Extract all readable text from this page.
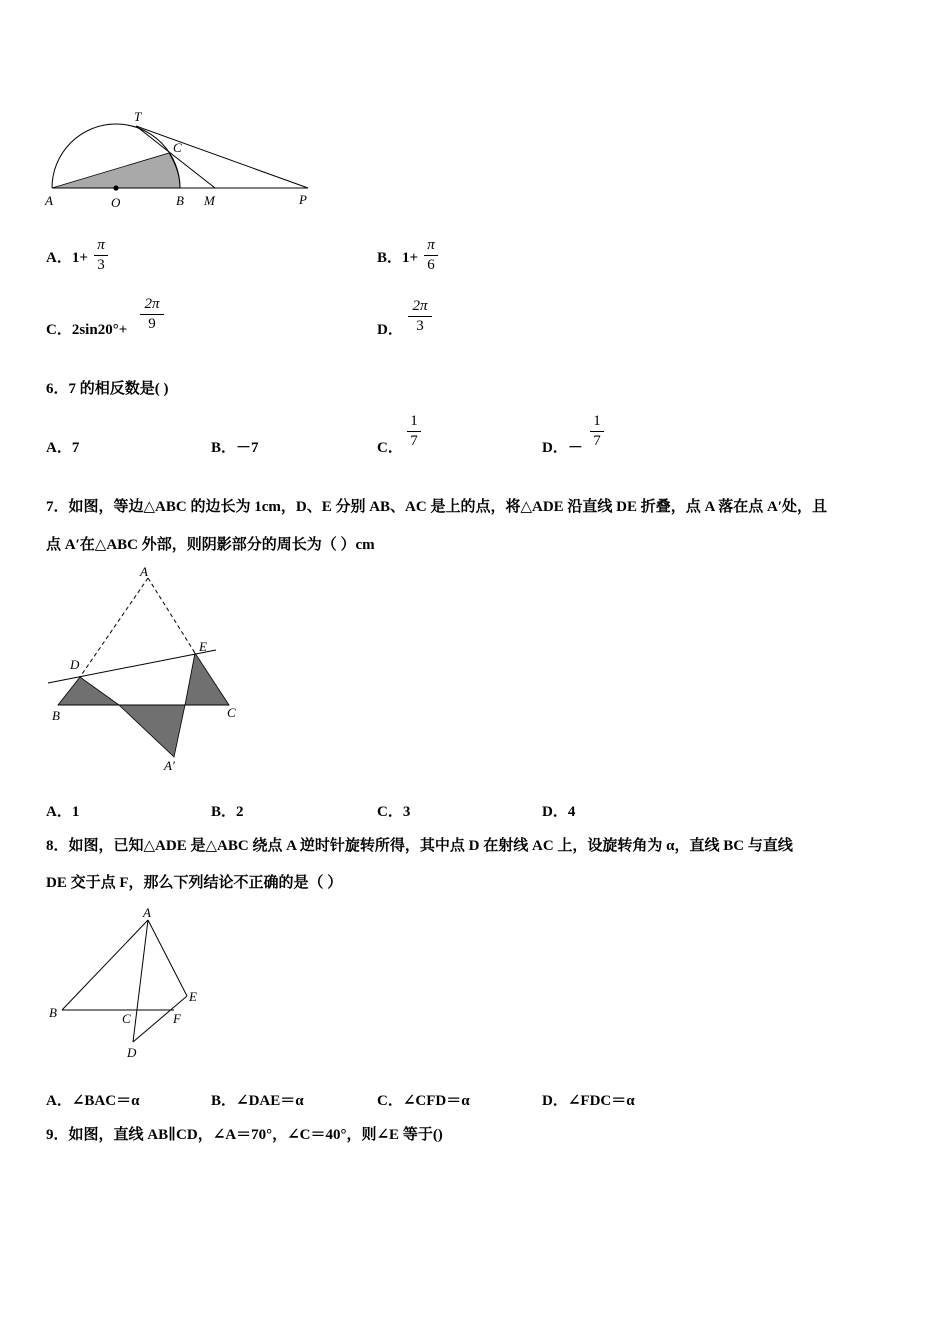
A	O	B M	P
T
C
A．1+
π
3	B．1+
π
6
C．2sin20°+
2π
9	D．
2π
3
6．7 的相反数是( )
A．7	B．－7	C．
1
7	D．－
1
7
7．如图，等边△ABC 的边长为 1cm，D、E 分别 AB、AC 是上的点，将△ADE 沿直线 DE 折叠，点 A 落在点 A′处，且
点 A′在△ABC 外部，则阴影部分的周长为（ ）cm
A
D
E
B	C
A′
A．1	B．2	C．3	D．4
8．如图，已知△ADE 是△ABC 绕点 A 逆时针旋转所得，其中点 D 在射线 AC 上，设旋转角为 α，直线 BC 与直线
DE 交于点 F，那么下列结论不正确的是（ ）
A
B	C	F
E
D
A．∠BAC＝α	B．∠DAE＝α	C．∠CFD＝α	D．∠FDC＝α
9．如图，直线 AB∥CD，∠A＝70°，∠C＝40°，则∠E 等于()
